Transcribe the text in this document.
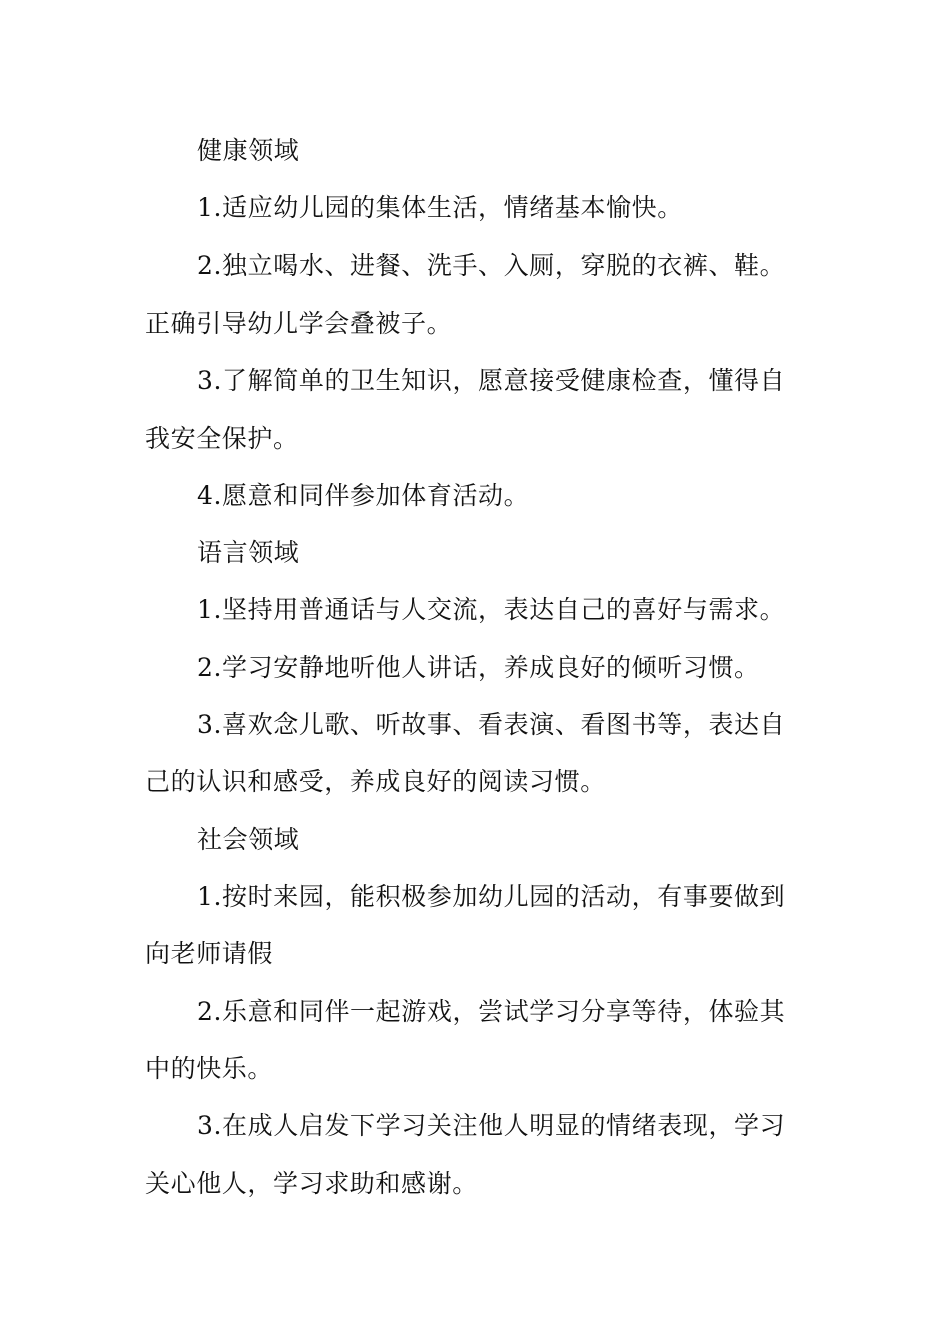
健康领域
1.适应幼儿园的集体生活，情绪基本愉快。
2.独立喝水、进餐、洗手、入厕，穿脱的衣裤、鞋。
正确引导幼儿学会叠被子。
3.了解简单的卫生知识，愿意接受健康检查，懂得自
我安全保护。
4.愿意和同伴参加体育活动。
语言领域
1.坚持用普通话与人交流，表达自己的喜好与需求。
2.学习安静地听他人讲话，养成良好的倾听习惯。
3.喜欢念儿歌、听故事、看表演、看图书等，表达自
己的认识和感受，养成良好的阅读习惯。
社会领域
1.按时来园，能积极参加幼儿园的活动，有事要做到
向老师请假
2.乐意和同伴一起游戏，尝试学习分享等待，体验其
中的快乐。
3.在成人启发下学习关注他人明显的情绪表现，学习
关心他人，学习求助和感谢。
